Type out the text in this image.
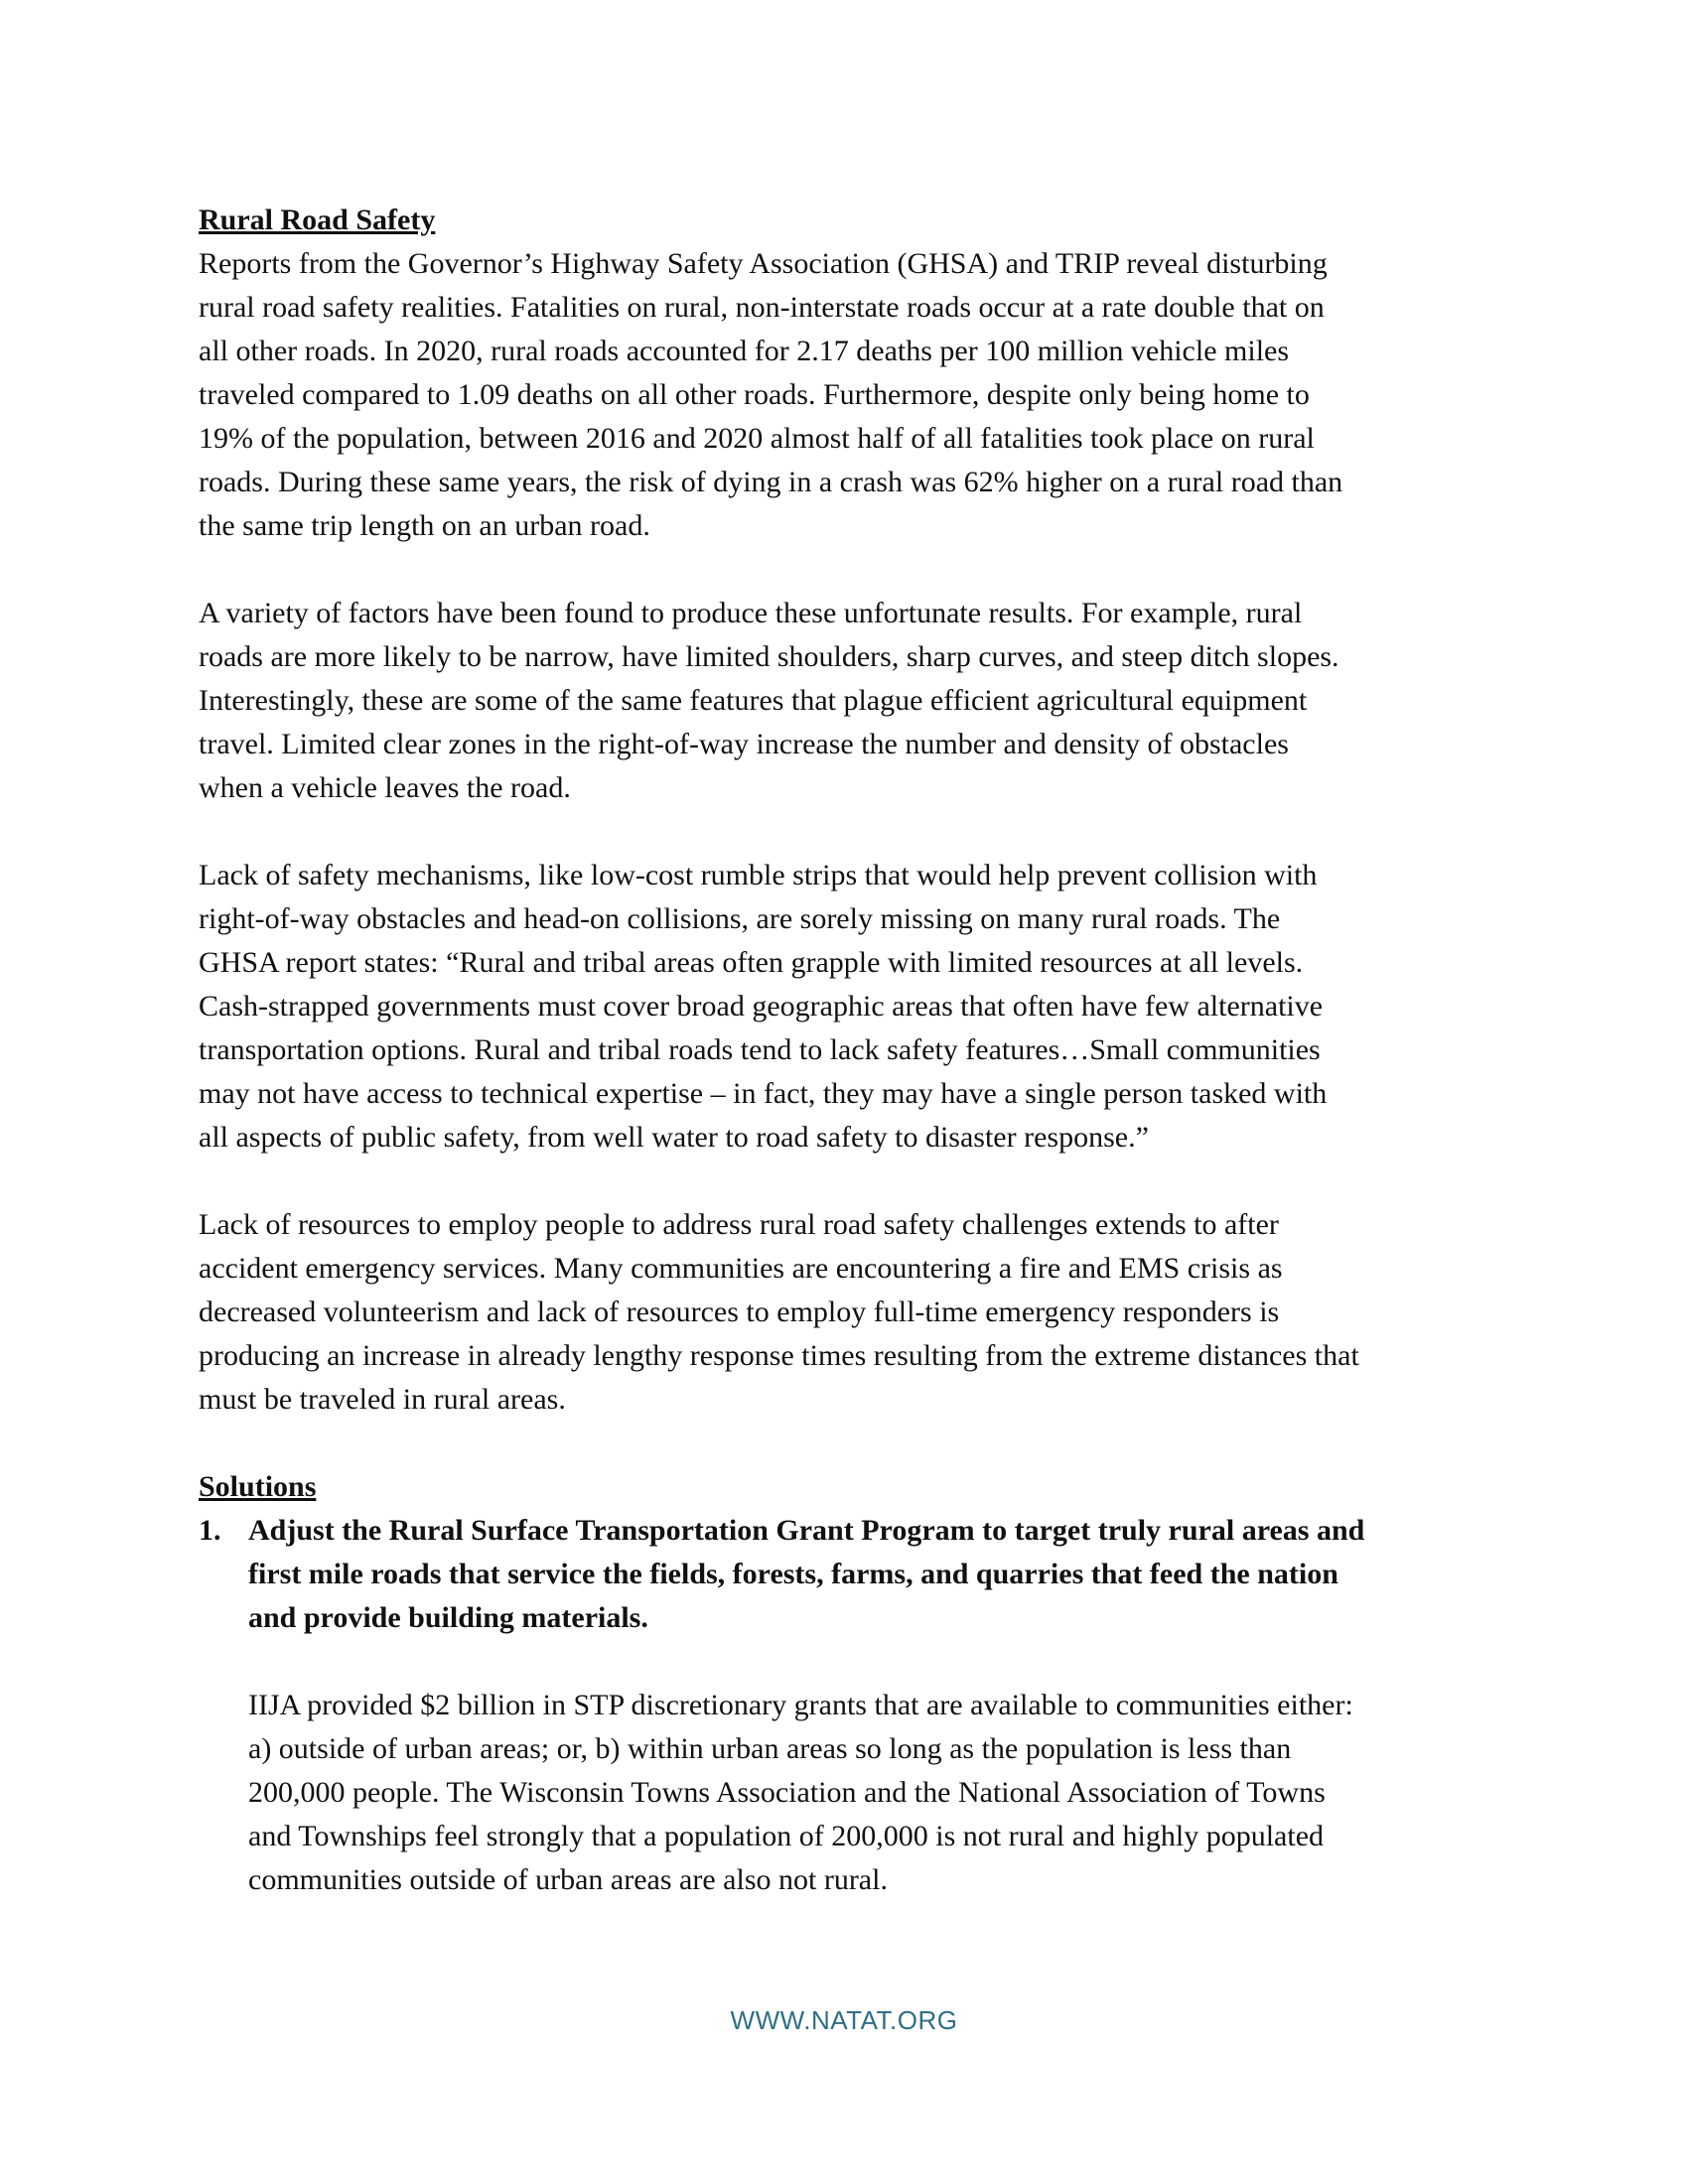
Rural Road Safety

Reports from the Governor’s Highway Safety Association (GHSA) and TRIP reveal disturbing
rural road safety realities. Fatalities on rural, non-interstate roads occur at a rate double that on
all other roads. In 2020, rural roads accounted for 2.17 deaths per 100 million vehicle miles
traveled compared to 1.09 deaths on all other roads. Furthermore, despite only being home to
19% of the population, between 2016 and 2020 almost half of all fatalities took place on rural
roads. During these same years, the risk of dying in a crash was 62% higher on a rural road than
the same trip length on an urban road.

A variety of factors have been found to produce these unfortunate results. For example, rural
roads are more likely to be narrow, have limited shoulders, sharp curves, and steep ditch slopes.
Interestingly, these are some of the same features that plague efficient agricultural equipment
travel. Limited clear zones in the right-of-way increase the number and density of obstacles
when a vehicle leaves the road.

Lack of safety mechanisms, like low-cost rumble strips that would help prevent collision with
right-of-way obstacles and head-on collisions, are sorely missing on many rural roads. The
GHSA report states: “Rural and tribal areas often grapple with limited resources at all levels.
Cash-strapped governments must cover broad geographic areas that often have few alternative
transportation options. Rural and tribal roads tend to lack safety features…Small communities
may not have access to technical expertise – in fact, they may have a single person tasked with
all aspects of public safety, from well water to road safety to disaster response.”

Lack of resources to employ people to address rural road safety challenges extends to after
accident emergency services. Many communities are encountering a fire and EMS crisis as
decreased volunteerism and lack of resources to employ full-time emergency responders is
producing an increase in already lengthy response times resulting from the extreme distances that
must be traveled in rural areas.

Solutions
1. Adjust the Rural Surface Transportation Grant Program to target truly rural areas and
first mile roads that service the fields, forests, farms, and quarries that feed the nation
and provide building materials.

IIJA provided $2 billion in STP discretionary grants that are available to communities either:
a) outside of urban areas; or, b) within urban areas so long as the population is less than
200,000 people. The Wisconsin Towns Association and the National Association of Towns
and Townships feel strongly that a population of 200,000 is not rural and highly populated
communities outside of urban areas are also not rural.

WWW.NATAT.ORG
